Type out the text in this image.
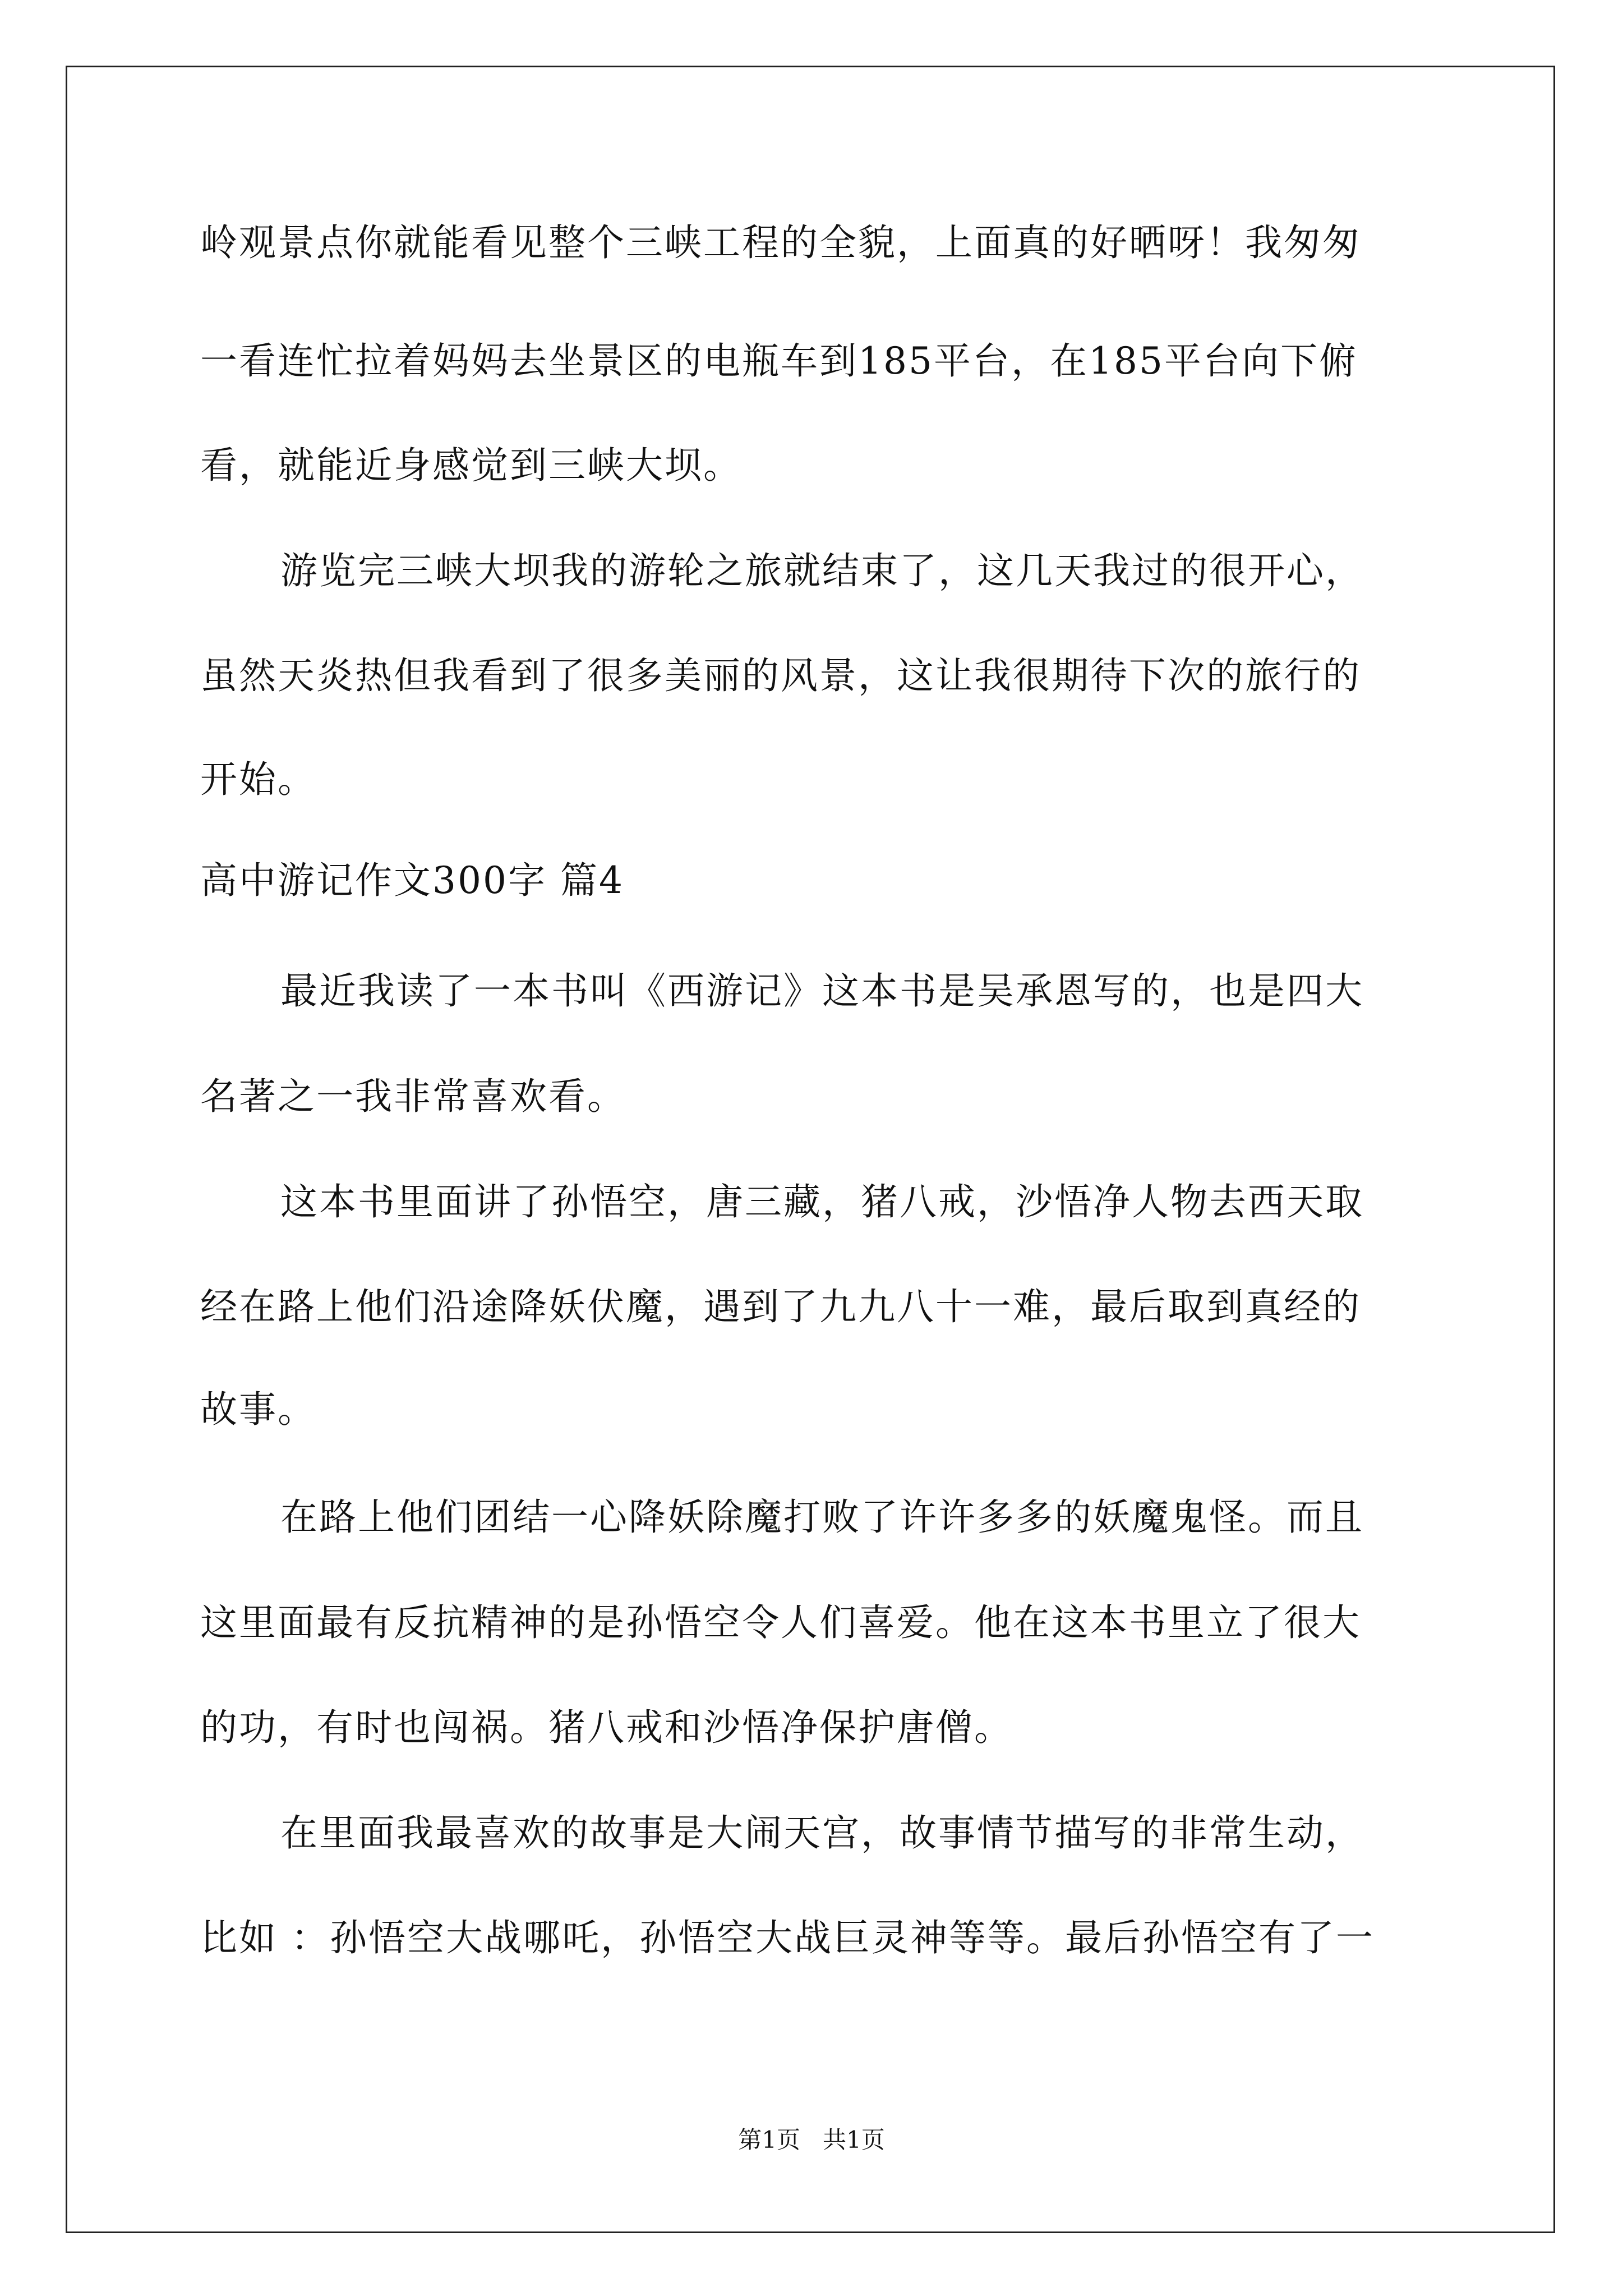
岭观景点你就能看见整个三峡工程的全貌，上面真的好晒呀！我匆匆
一看连忙拉着妈妈去坐景区的电瓶车到185平台，在185平台向下俯
看，就能近身感觉到三峡大坝。
游览完三峡大坝我的游轮之旅就结束了，这几天我过的很开心，
虽然天炎热但我看到了很多美丽的风景，这让我很期待下次的旅行的
开始。
高中游记作文300字 篇4
最近我读了一本书叫《西游记》这本书是吴承恩写的，也是四大
名著之一我非常喜欢看。
这本书里面讲了孙悟空，唐三藏，猪八戒，沙悟净人物去西天取
经在路上他们沿途降妖伏魔，遇到了九九八十一难，最后取到真经的
故事。
在路上他们团结一心降妖除魔打败了许许多多的妖魔鬼怪。而且
这里面最有反抗精神的是孙悟空令人们喜爱。他在这本书里立了很大
的功，有时也闯祸。猪八戒和沙悟净保护唐僧。
在里面我最喜欢的故事是大闹天宫，故事情节描写的非常生动，
比如 ：孙悟空大战哪吒，孙悟空大战巨灵神等等。最后孙悟空有了一
第1页   共1页
